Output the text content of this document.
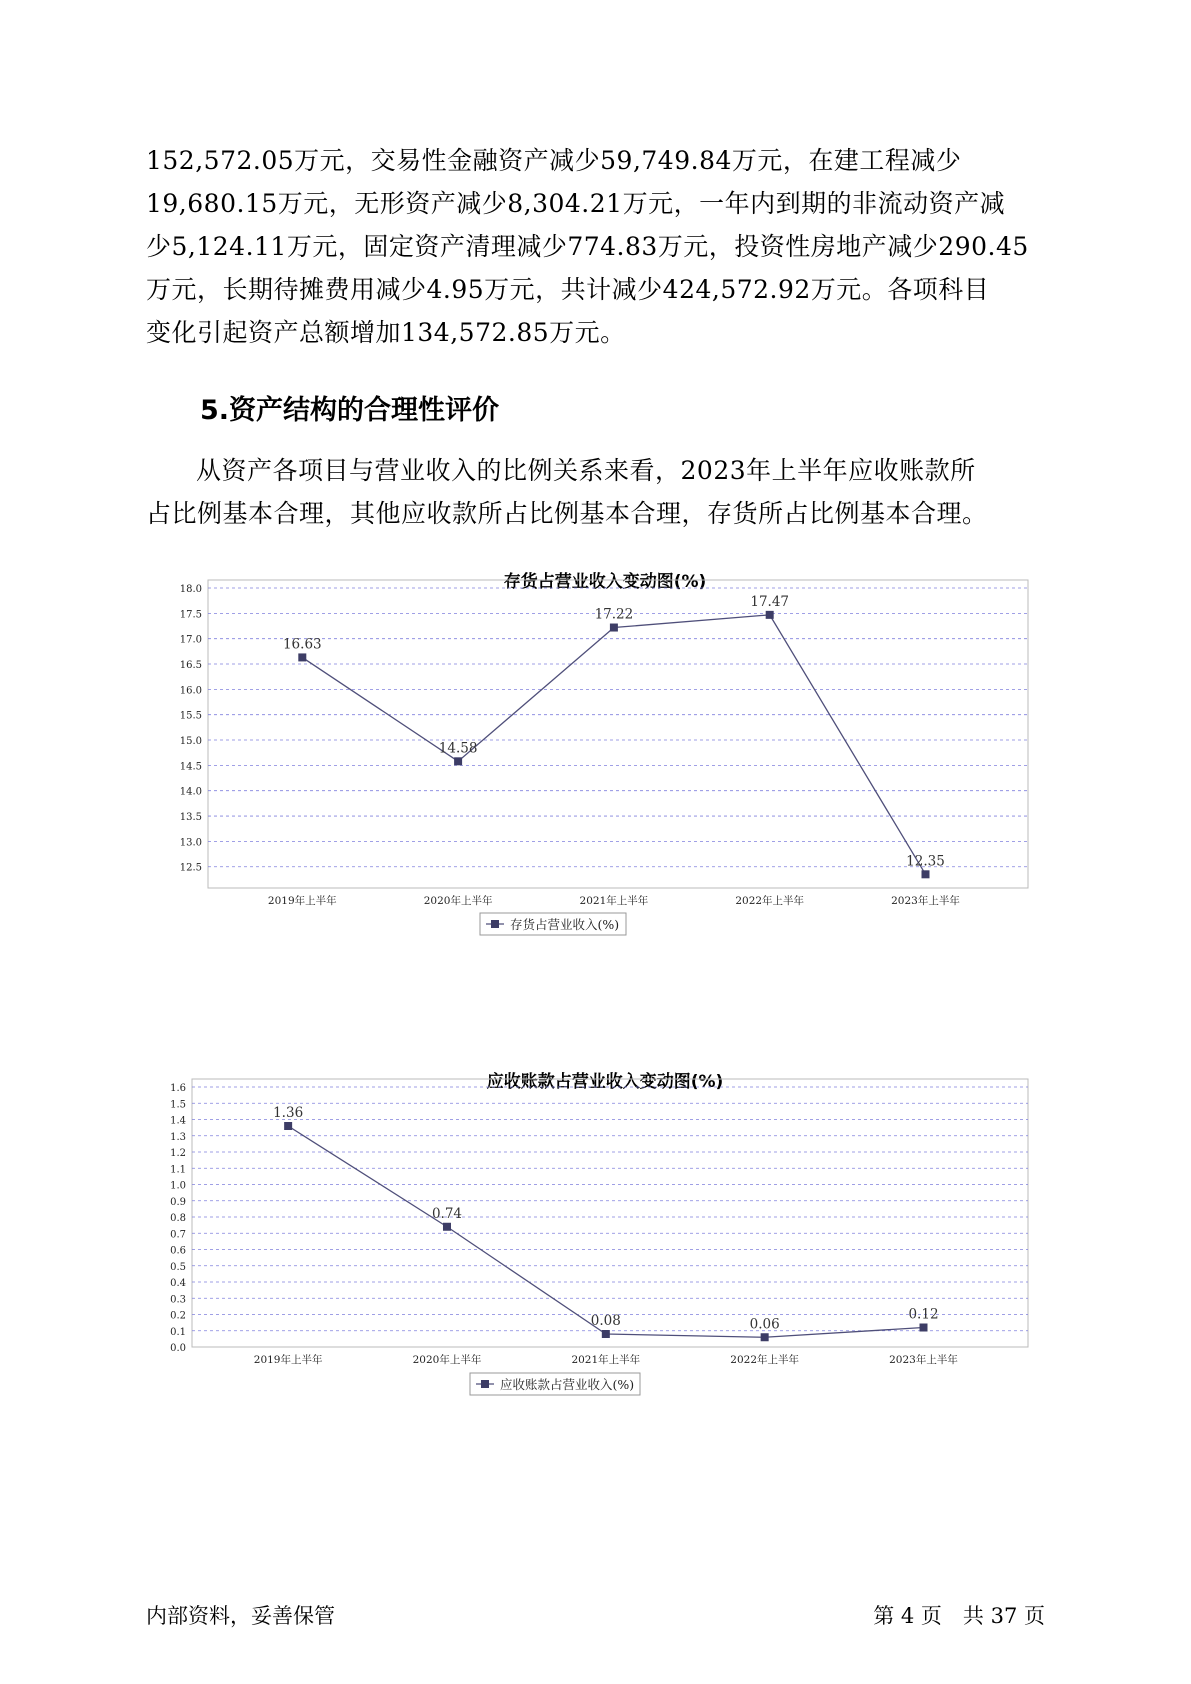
152,572.05万元，交易性金融资产减少59,749.84万元，在建工程减少

19,680.15万元，无形资产减少8,304.21万元，一年内到期的非流动资产减

少5,124.11万元，固定资产清理减少774.83万元，投资性房地产减少290.45

万元，长期待摊费用减少4.95万元，共计减少424,572.92万元。各项科目

变化引起资产总额增加134,572.85万元。

5.资产结构的合理性评价

从资产各项目与营业收入的比例关系来看，2023年上半年应收账款所

占比例基本合理，其他应收款所占比例基本合理，存货所占比例基本合理。

存货占营业收入变动图(%)
18.0
17.5
17.0
16.5
16.0
15.5
15.0
14.5
14.0
13.5
13.0
12.5
2019年上半年	2020年上半年	2021年上半年	2022年上半年	2023年上半年
16.63
14.58
17.22
17.47
12.35
存货占营业收入(%)
应收账款占营业收入变动图(%)
1.6
1.5
1.4
1.3
1.2
1.1
1.0
0.9
0.8
0.7
0.6
0.5
0.4
0.3
0.2
0.1
0.0
2019年上半年	2020年上半年	2021年上半年	2022年上半年	2023年上半年
1.36
0.74
0.08	0.06
0.12
应收账款占营业收入(%)
内部资料，妥善保管	第 4 页　共 37 页
